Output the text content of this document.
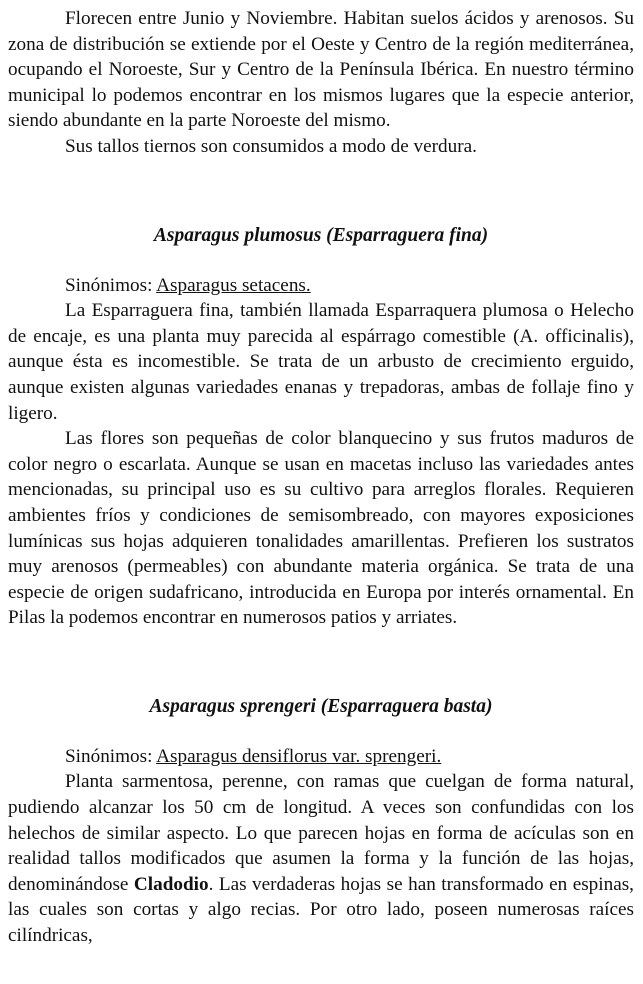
Florecen entre Junio y Noviembre. Habitan suelos ácidos y arenosos. Su zona de distribución se extiende por el Oeste y Centro de la región mediterránea, ocupando el Noroeste, Sur y Centro de la Península Ibérica. En nuestro término municipal lo podemos encontrar en los mismos lugares que la especie anterior, siendo abundante en la parte Noroeste del mismo.

Sus tallos tiernos son consumidos a modo de verdura.

Asparagus plumosus (Esparraguera fina)

Sinónimos: Asparagus setacens.

La Esparraguera fina, también llamada Esparraquera plumosa o Helecho de encaje, es una planta muy parecida al espárrago comestible (A. officinalis), aunque ésta es incomestible. Se trata de un arbusto de crecimiento erguido, aunque existen algunas variedades enanas y trepadoras, ambas de follaje fino y ligero.

Las flores son pequeñas de color blanquecino y sus frutos maduros de color negro o escarlata. Aunque se usan en macetas incluso las variedades antes mencionadas, su principal uso es su cultivo para arreglos florales. Requieren ambientes fríos y condiciones de semisombreado, con mayores exposiciones lumínicas sus hojas adquieren tonalidades amarillentas. Prefieren los sustratos muy arenosos (permeables) con abundante materia orgánica. Se trata de una especie de origen sudafricano, introducida en Europa por interés ornamental. En Pilas la podemos encontrar en numerosos patios y arriates.

Asparagus sprengeri (Esparraguera basta)

Sinónimos: Asparagus densiflorus var. sprengeri.

Planta sarmentosa, perenne, con ramas que cuelgan de forma natural, pudiendo alcanzar los 50 cm de longitud. A veces son confundidas con los helechos de similar aspecto. Lo que parecen hojas en forma de acículas son en realidad tallos modificados que asumen la forma y la función de las hojas, denominándose Cladodio. Las verdaderas hojas se han transformado en espinas, las cuales son cortas y algo recias. Por otro lado, poseen numerosas raíces cilíndricas,
